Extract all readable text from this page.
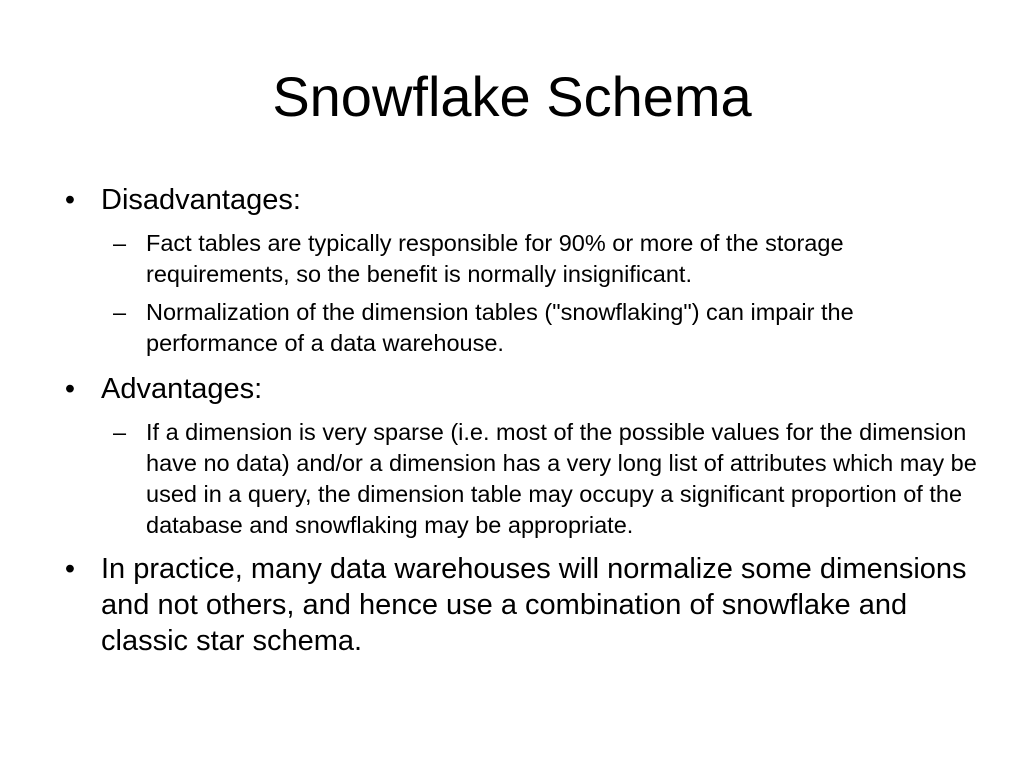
Snowflake Schema
• Disadvantages:
– Fact tables are typically responsible for 90% or more of the storage requirements, so the benefit is normally insignificant.
– Normalization of the dimension tables ("snowflaking") can impair the performance of a data warehouse.
• Advantages:
– If a dimension is very sparse (i.e. most of the possible values for the dimension have no data) and/or a dimension has a very long list of attributes which may be used in a query, the dimension table may occupy a significant proportion of the database and snowflaking may be appropriate.
• In practice, many data warehouses will normalize some dimensions and not others, and hence use a combination of snowflake and classic star schema.
